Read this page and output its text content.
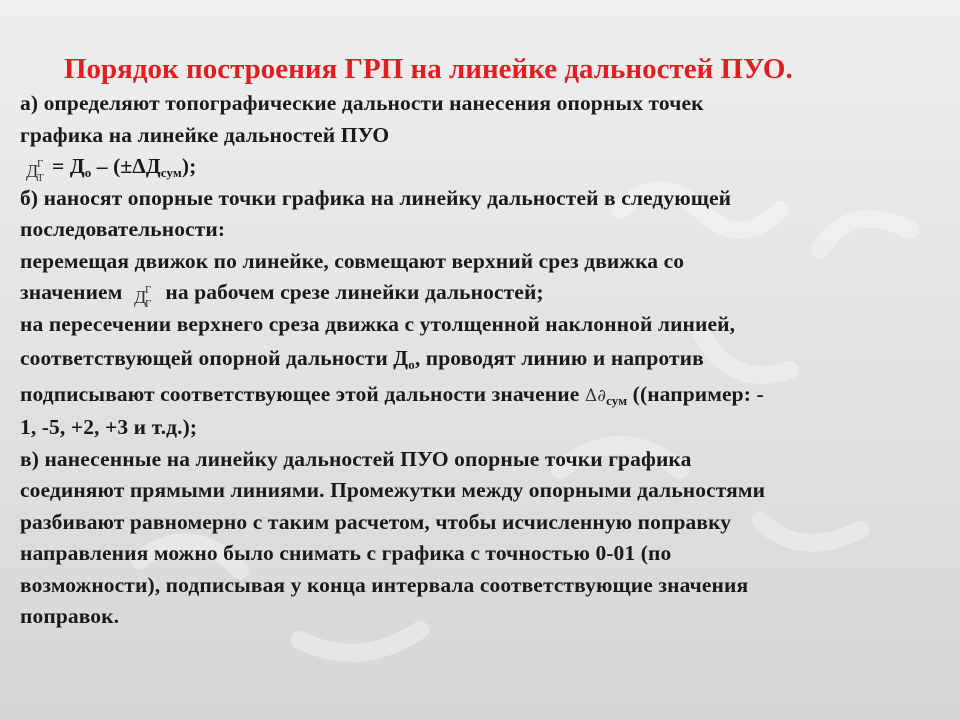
Порядок построения ГРП на линейке дальностей ПУО.
а) определяют топографические дальности нанесения опорных точек
графика на линейке дальностей ПУО
Д
Г
$Т = Д_о - (\pm\Delta Д_{сум})$;
б) наносят опорные точки графика на линейку дальностей в следующей
последовательности:
перемещая движок по линейке, совмещают верхний срез движка со
значением Д
Г
Г на рабочем срезе линейки дальностей;
на пересечении верхнего среза движка с утолщенной наклонной линией,
соответствующей опорной дальности $Д_о$, проводят линию и напротив
подписывают соответствующее этой дальности значение $\Delta\partial_{сум}$ ((например: -
1, -5, +2, +3 и т.д.);
в) нанесенные на линейку дальностей ПУО опорные точки графика
соединяют прямыми линиями. Промежутки между опорными дальностями
разбивают равномерно с таким расчетом, чтобы исчисленную поправку
направления можно было снимать с графика с точностью 0-01 (по
возможности), подписывая у конца интервала соответствующие значения
поправок.
